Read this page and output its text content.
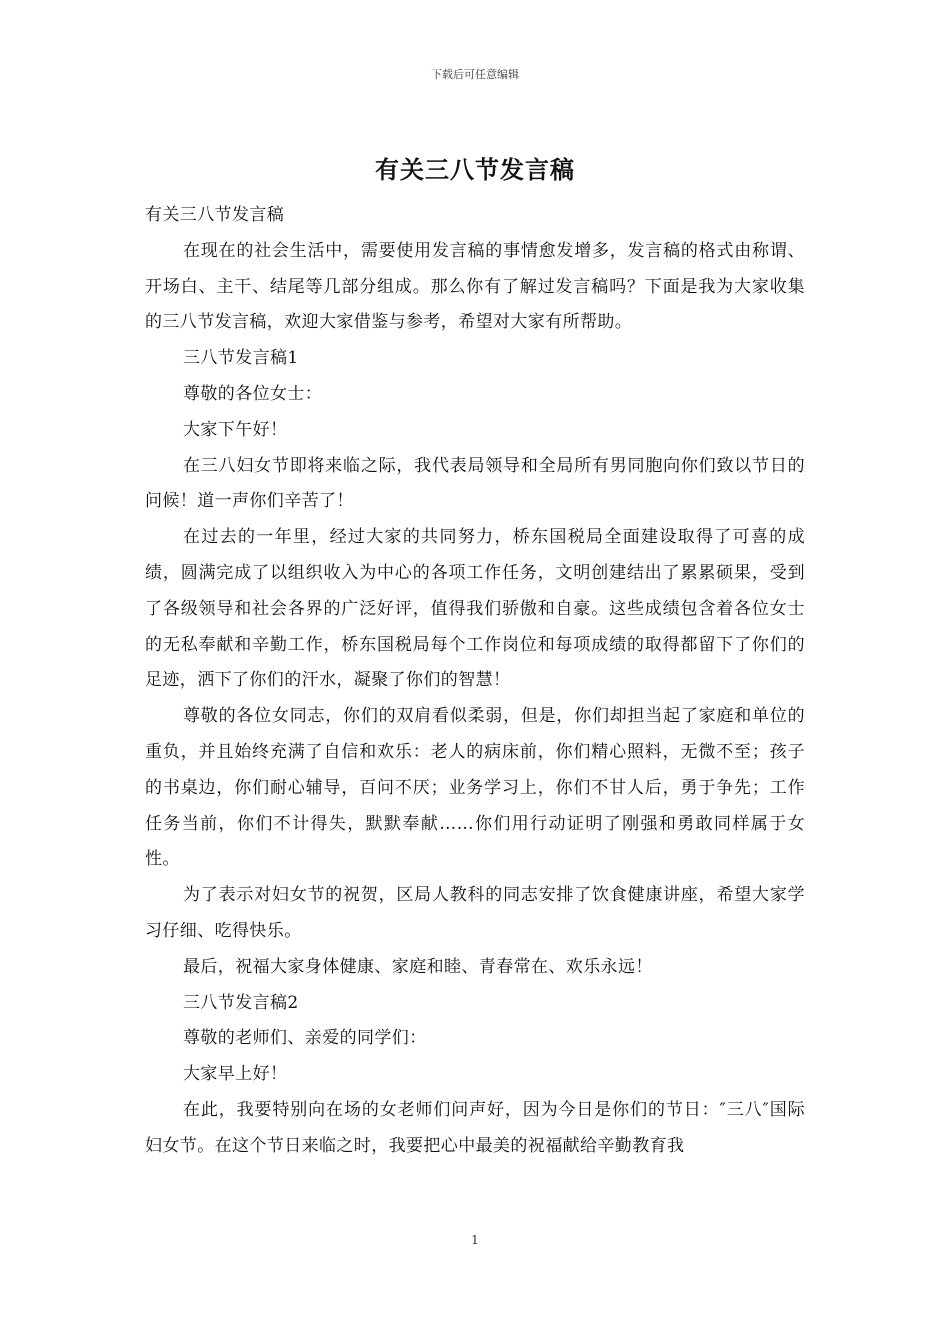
下载后可任意编辑
有关三八节发言稿

有关三八节发言稿

在现在的社会生活中，需要使用发言稿的事情愈发增多，发言稿的格式由称谓、开场白、主干、结尾等几部分组成。那么你有了解过发言稿吗？下面是我为大家收集的三八节发言稿，欢迎大家借鉴与参考，希望对大家有所帮助。

三八节发言稿1

尊敬的各位女士：

大家下午好！

在三八妇女节即将来临之际，我代表局领导和全局所有男同胞向你们致以节日的问候！道一声你们辛苦了！

在过去的一年里，经过大家的共同努力，桥东国税局全面建设取得了可喜的成绩，圆满完成了以组织收入为中心的各项工作任务，文明创建结出了累累硕果，受到了各级领导和社会各界的广泛好评，值得我们骄傲和自豪。这些成绩包含着各位女士的无私奉献和辛勤工作，桥东国税局每个工作岗位和每项成绩的取得都留下了你们的足迹，洒下了你们的汗水，凝聚了你们的智慧！

尊敬的各位女同志，你们的双肩看似柔弱，但是，你们却担当起了家庭和单位的重负，并且始终充满了自信和欢乐：老人的病床前，你们精心照料，无微不至；孩子的书桌边，你们耐心辅导，百问不厌；业务学习上，你们不甘人后，勇于争先；工作任务当前，你们不计得失，默默奉献……你们用行动证明了刚强和勇敢同样属于女性。

为了表示对妇女节的祝贺，区局人教科的同志安排了饮食健康讲座，希望大家学习仔细、吃得快乐。

最后，祝福大家身体健康、家庭和睦、青春常在、欢乐永远！

三八节发言稿2

尊敬的老师们、亲爱的同学们：

大家早上好！

在此，我要特别向在场的女老师们问声好，因为今日是你们的节日：″三八″国际妇女节。在这个节日来临之时，我要把心中最美的祝福献给辛勤教育我

1
